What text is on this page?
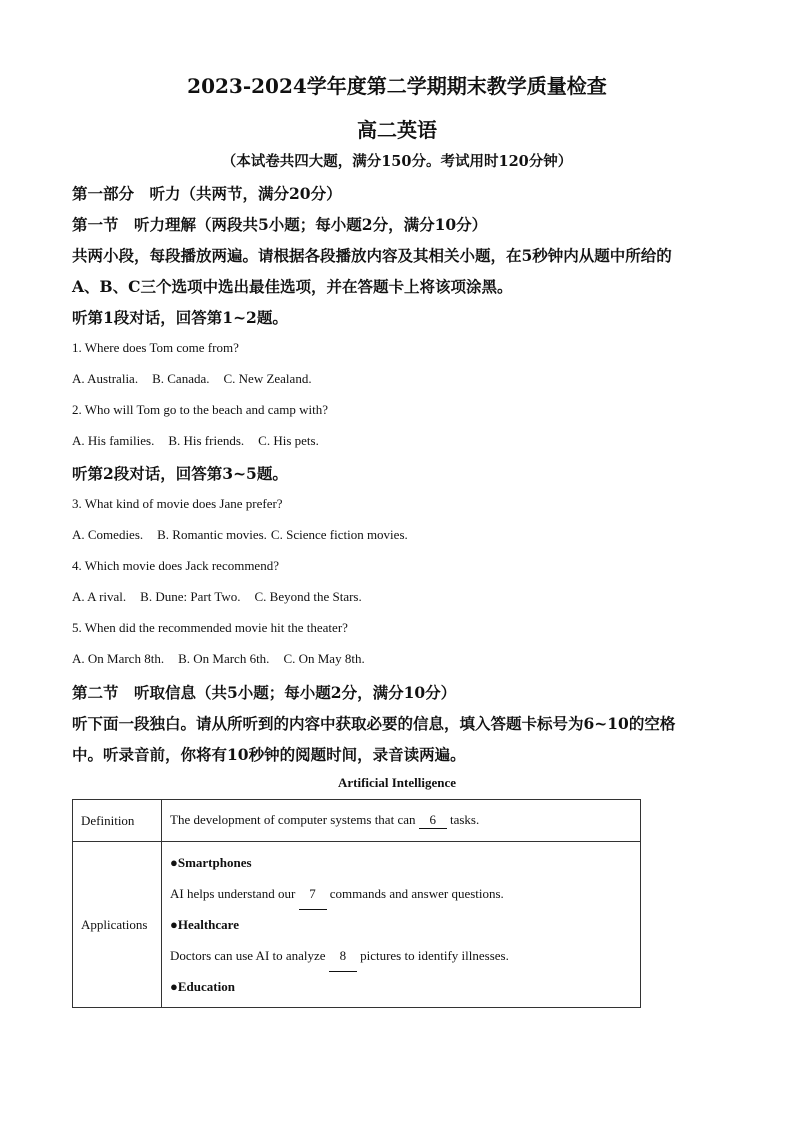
2023-2024学年度第二学期期末教学质量检查
高二英语
（本试卷共四大题，满分150分。考试用时120分钟）
第一部分　听力（共两节，满分20分）
第一节　听力理解（两段共5小题；每小题2分，满分10分）
共两小段，每段播放两遍。请根据各段播放内容及其相关小题，在5秒钟内从题中所给的
A、B、C三个选项中选出最佳选项，并在答题卡上将该项涂黑。
听第1段对话，回答第1~2题。
1. Where does Tom come from?
A. Australia. B. Canada. C. New Zealand.
2. Who will Tom go to the beach and camp with?
A. His families. B. His friends. C. His pets.
听第2段对话，回答第3~5题。
3. What kind of movie does Jane prefer?
A. Comedies. B. Romantic movies. C. Science fiction movies.
4. Which movie does Jack recommend?
A. A rival. B. Dune: Part Two. C. Beyond the Stars.
5. When did the recommended movie hit the theater?
A. On March 8th. B. On March 6th. C. On May 8th.
第二节　听取信息（共5小题；每小题2分，满分10分）
听下面一段独白。请从所听到的内容中获取必要的信息，填入答题卡标号为6~10的空格
中。听录音前，你将有10秒钟的阅题时间，录音读两遍。
Artificial Intelligence
Definition	The development of computer systems that can 6 tasks.
Applications	●Smartphones
AI helps understand our 7 commands and answer questions.
●Healthcare
Doctors can use AI to analyze 8 pictures to identify illnesses.
●Education
